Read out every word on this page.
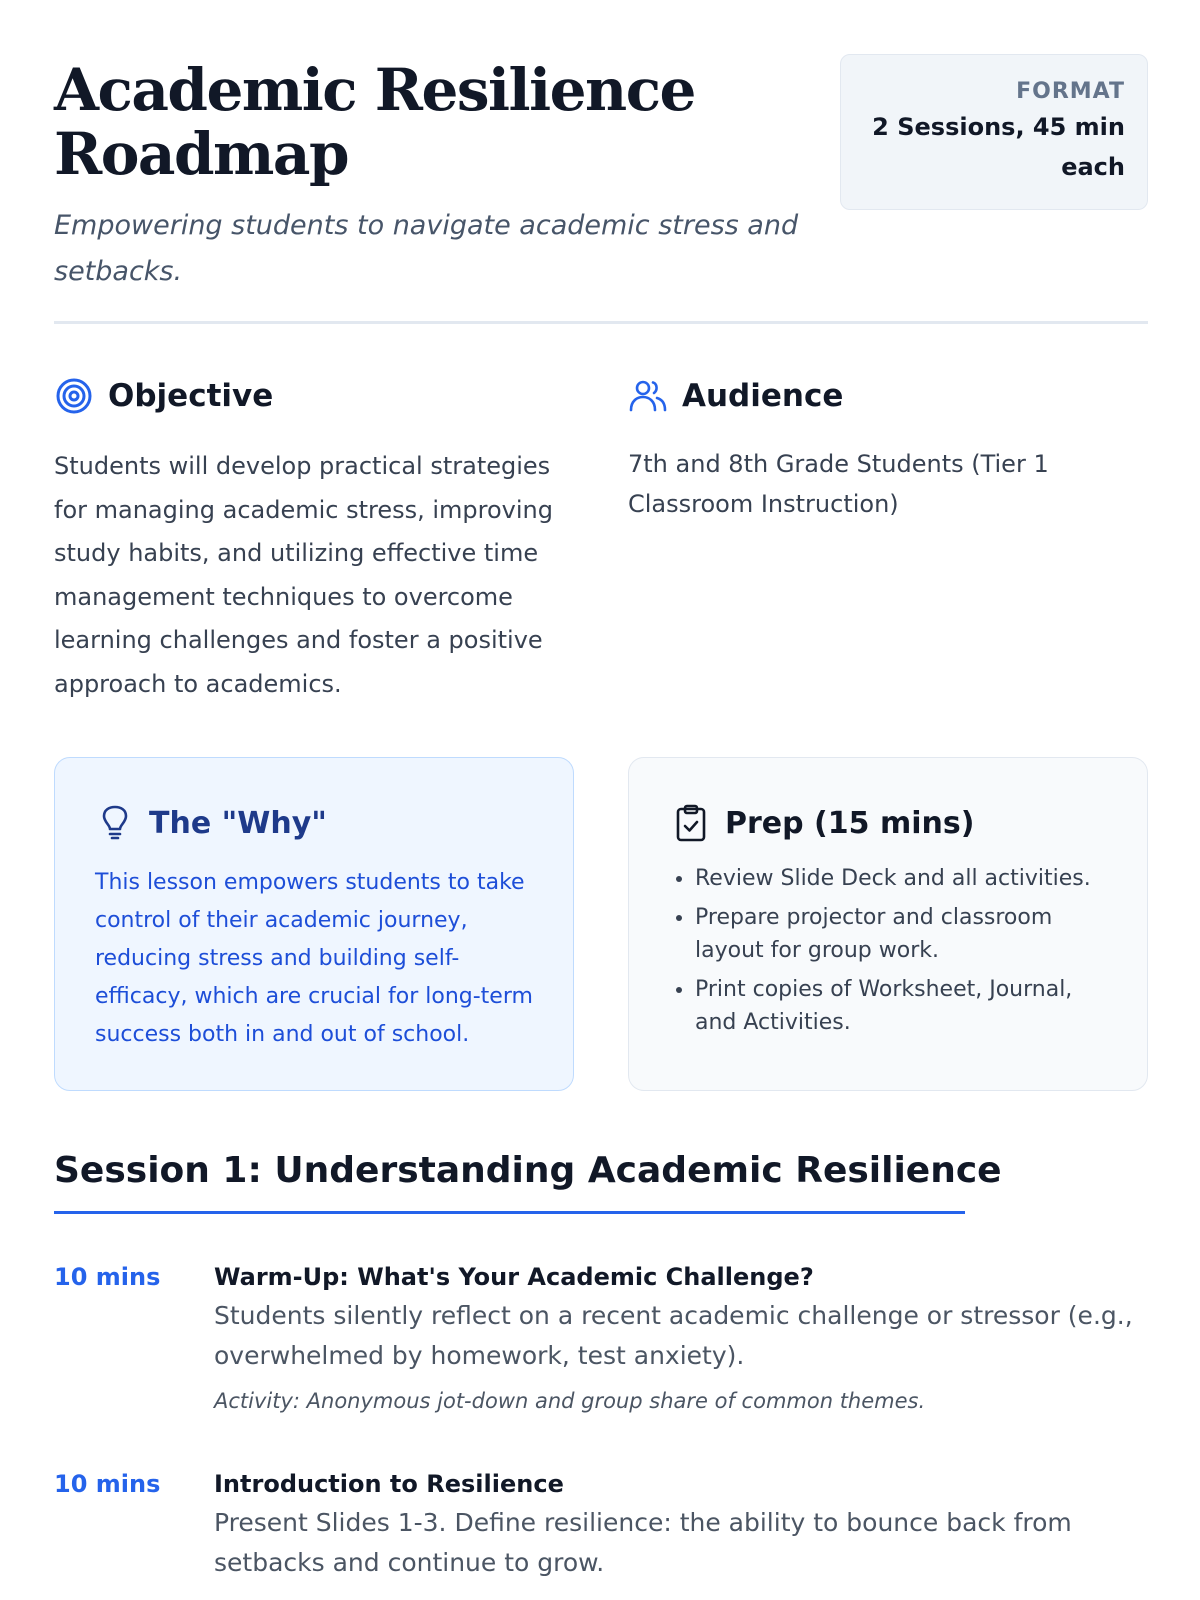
Academic Resilience Roadmap

Empowering students to navigate academic stress and setbacks.

FORMAT
2 Sessions, 45 min each
Objective

Students will develop practical strategies for managing academic stress, improving study habits, and utilizing effective time management techniques to overcome learning challenges and foster a positive approach to academics.

Audience

7th and 8th Grade Students (Tier 1 Classroom Instruction)

The "Why"

This lesson empowers students to take control of their academic journey, reducing stress and building self-efficacy, which are crucial for long-term success both in and out of school.

Prep (15 mins)
• Review Slide Deck and all activities.
• Prepare projector and classroom layout for group work.
• Print copies of Worksheet, Journal, and Activities.
Session 1: Understanding Academic Resilience
10 mins Warm-Up: What's Your Academic Challenge?
Students silently reflect on a recent academic challenge or stressor (e.g., overwhelmed by homework, test anxiety).
Activity: Anonymous jot-down and group share of common themes.
10 mins Introduction to Resilience
Present Slides 1-3. Define resilience: the ability to bounce back from setbacks and continue to grow.
